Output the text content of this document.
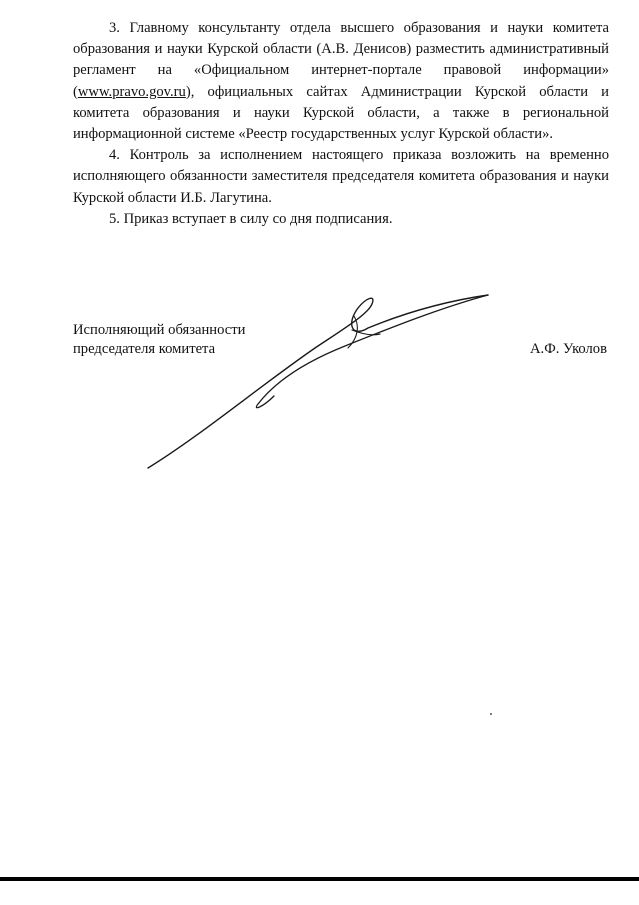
3. Главному консультанту отдела высшего образования и науки комитета образования и науки Курской области (А.В. Денисов) разместить административный регламент на «Официальном интернет-портале правовой информации» (www.pravo.gov.ru), официальных сайтах Администрации Курской области и комитета образования и науки Курской области, а также в региональной информационной системе «Реестр государственных услуг Курской области».

4. Контроль за исполнением настоящего приказа возложить на временно исполняющего обязанности заместителя председателя комитета образования и науки Курской области И.Б. Лагутина.

5. Приказ вступает в силу со дня подписания.

Исполняющий обязанности
председателя комитета	А.Ф. Уколов
